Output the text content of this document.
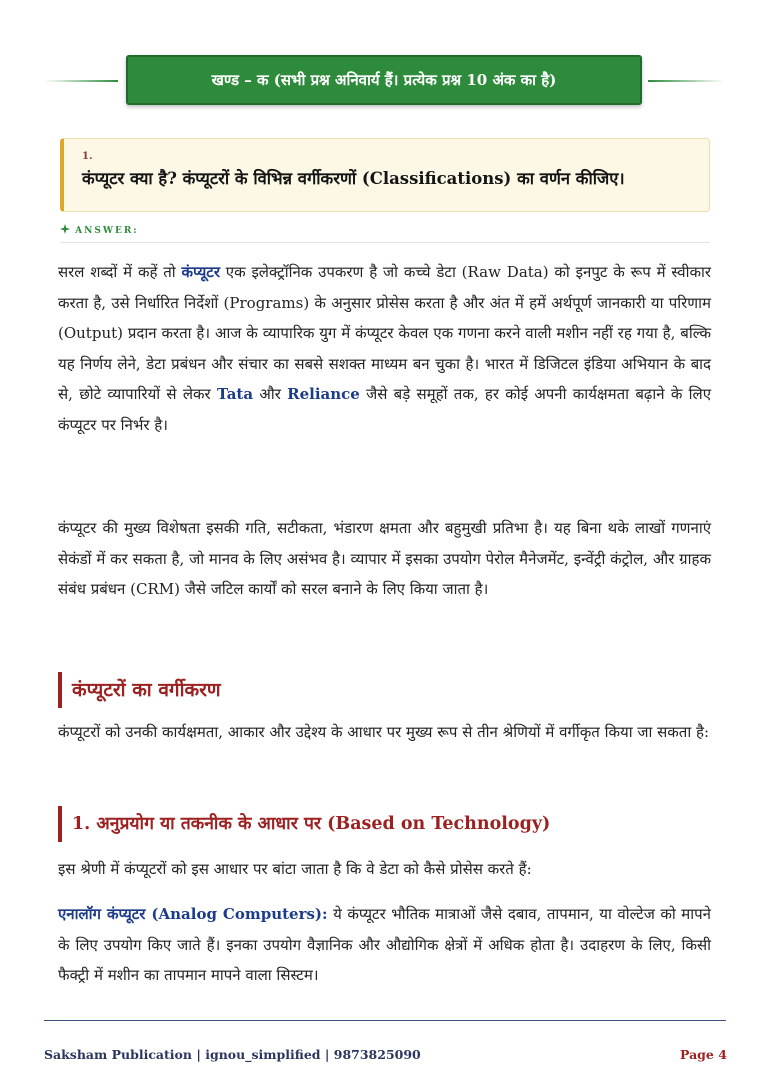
खण्ड – क (सभी प्रश्न अनिवार्य हैं। प्रत्येक प्रश्न 10 अंक का है)
1.
कंप्यूटर क्या है? कंप्यूटरों के विभिन्न वर्गीकरणों (Classifications) का वर्णन कीजिए।
ANSWER:

सरल शब्दों में कहें तो कंप्यूटर एक इलेक्ट्रॉनिक उपकरण है जो कच्चे डेटा (Raw Data) को इनपुट के रूप में स्वीकार करता है, उसे निर्धारित निर्देशों (Programs) के अनुसार प्रोसेस करता है और अंत में हमें अर्थपूर्ण जानकारी या परिणाम (Output) प्रदान करता है। आज के व्यापारिक युग में कंप्यूटर केवल एक गणना करने वाली मशीन नहीं रह गया है, बल्कि यह निर्णय लेने, डेटा प्रबंधन और संचार का सबसे सशक्त माध्यम बन चुका है। भारत में डिजिटल इंडिया अभियान के बाद से, छोटे व्यापारियों से लेकर Tata और Reliance जैसे बड़े समूहों तक, हर कोई अपनी कार्यक्षमता बढ़ाने के लिए कंप्यूटर पर निर्भर है।

कंप्यूटर की मुख्य विशेषता इसकी गति, सटीकता, भंडारण क्षमता और बहुमुखी प्रतिभा है। यह बिना थके लाखों गणनाएं सेकंडों में कर सकता है, जो मानव के लिए असंभव है। व्यापार में इसका उपयोग पेरोल मैनेजमेंट, इन्वेंट्री कंट्रोल, और ग्राहक संबंध प्रबंधन (CRM) जैसे जटिल कार्यों को सरल बनाने के लिए किया जाता है।

कंप्यूटरों का वर्गीकरण

कंप्यूटरों को उनकी कार्यक्षमता, आकार और उद्देश्य के आधार पर मुख्य रूप से तीन श्रेणियों में वर्गीकृत किया जा सकता है:

1. अनुप्रयोग या तकनीक के आधार पर (Based on Technology)

इस श्रेणी में कंप्यूटरों को इस आधार पर बांटा जाता है कि वे डेटा को कैसे प्रोसेस करते हैं:

एनालॉग कंप्यूटर (Analog Computers): ये कंप्यूटर भौतिक मात्राओं जैसे दबाव, तापमान, या वोल्टेज को मापने के लिए उपयोग किए जाते हैं। इनका उपयोग वैज्ञानिक और औद्योगिक क्षेत्रों में अधिक होता है। उदाहरण के लिए, किसी फैक्ट्री में मशीन का तापमान मापने वाला सिस्टम।

Saksham Publication | ignou_simplified | 9873825090	Page 4
